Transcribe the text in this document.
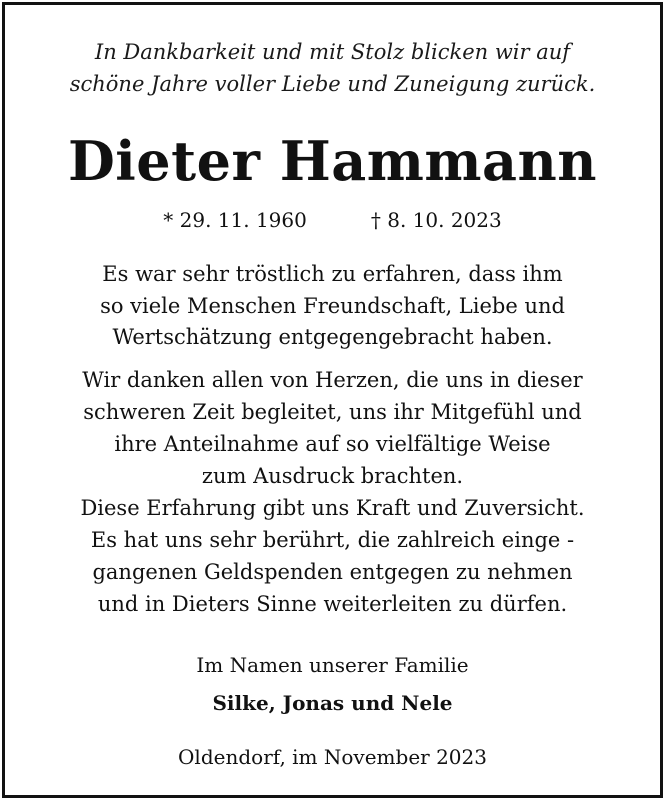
In Dankbarkeit und mit Stolz blicken wir auf
schöne Jahre voller Liebe und Zuneigung zurück.
Dieter Hammann
* 29. 11. 1960	† 8. 10. 2023
Es war sehr tröstlich zu erfahren, dass ihm
so viele Menschen Freundschaft, Liebe und
Wertschätzung entgegengebracht haben.
Wir danken allen von Herzen, die uns in dieser
schweren Zeit begleitet, uns ihr Mitgefühl und
ihre Anteilnahme auf so vielfältige Weise
zum Ausdruck brachten.
Diese Erfahrung gibt uns Kraft und Zuversicht.
Es hat uns sehr berührt, die zahlreich einge -
gangenen Geldspenden entgegen zu nehmen
und in Dieters Sinne weiterleiten zu dürfen.
Im Namen unserer Familie
Silke, Jonas und Nele
Oldendorf, im November 2023
